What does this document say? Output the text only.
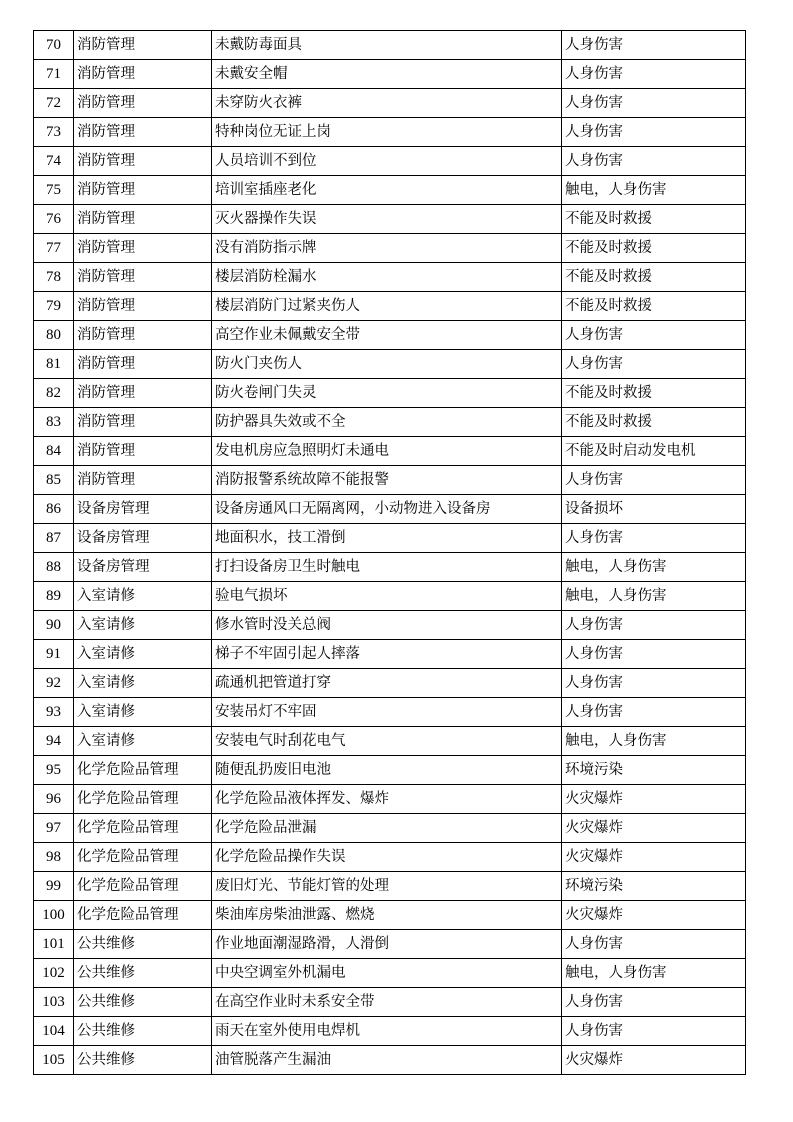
70	消防管理	未戴防毒面具	人身伤害
71	消防管理	未戴安全帽	人身伤害
72	消防管理	未穿防火衣裤	人身伤害
73	消防管理	特种岗位无证上岗	人身伤害
74	消防管理	人员培训不到位	人身伤害
75	消防管理	培训室插座老化	触电，人身伤害
76	消防管理	灭火器操作失误	不能及时救援
77	消防管理	没有消防指示牌	不能及时救援
78	消防管理	楼层消防栓漏水	不能及时救援
79	消防管理	楼层消防门过紧夹伤人	不能及时救援
80	消防管理	高空作业未佩戴安全带	人身伤害
81	消防管理	防火门夹伤人	人身伤害
82	消防管理	防火卷闸门失灵	不能及时救援
83	消防管理	防护器具失效或不全	不能及时救援
84	消防管理	发电机房应急照明灯未通电	不能及时启动发电机
85	消防管理	消防报警系统故障不能报警	人身伤害
86	设备房管理	设备房通风口无隔离网，小动物进入设备房	设备损坏
87	设备房管理	地面积水，技工滑倒	人身伤害
88	设备房管理	打扫设备房卫生时触电	触电，人身伤害
89	入室请修	验电气损坏	触电，人身伤害
90	入室请修	修水管时没关总阀	人身伤害
91	入室请修	梯子不牢固引起人摔落	人身伤害
92	入室请修	疏通机把管道打穿	人身伤害
93	入室请修	安装吊灯不牢固	人身伤害
94	入室请修	安装电气时刮花电气	触电，人身伤害
95	化学危险品管理	随便乱扔废旧电池	环境污染
96	化学危险品管理	化学危险品液体挥发、爆炸	火灾爆炸
97	化学危险品管理	化学危险品泄漏	火灾爆炸
98	化学危险品管理	化学危险品操作失误	火灾爆炸
99	化学危险品管理	废旧灯光、节能灯管的处理	环境污染
100	化学危险品管理	柴油库房柴油泄露、燃烧	火灾爆炸
101	公共维修	作业地面潮湿路滑，人滑倒	人身伤害
102	公共维修	中央空调室外机漏电	触电，人身伤害
103	公共维修	在高空作业时未系安全带	人身伤害
104	公共维修	雨天在室外使用电焊机	人身伤害
105	公共维修	油管脱落产生漏油	火灾爆炸
